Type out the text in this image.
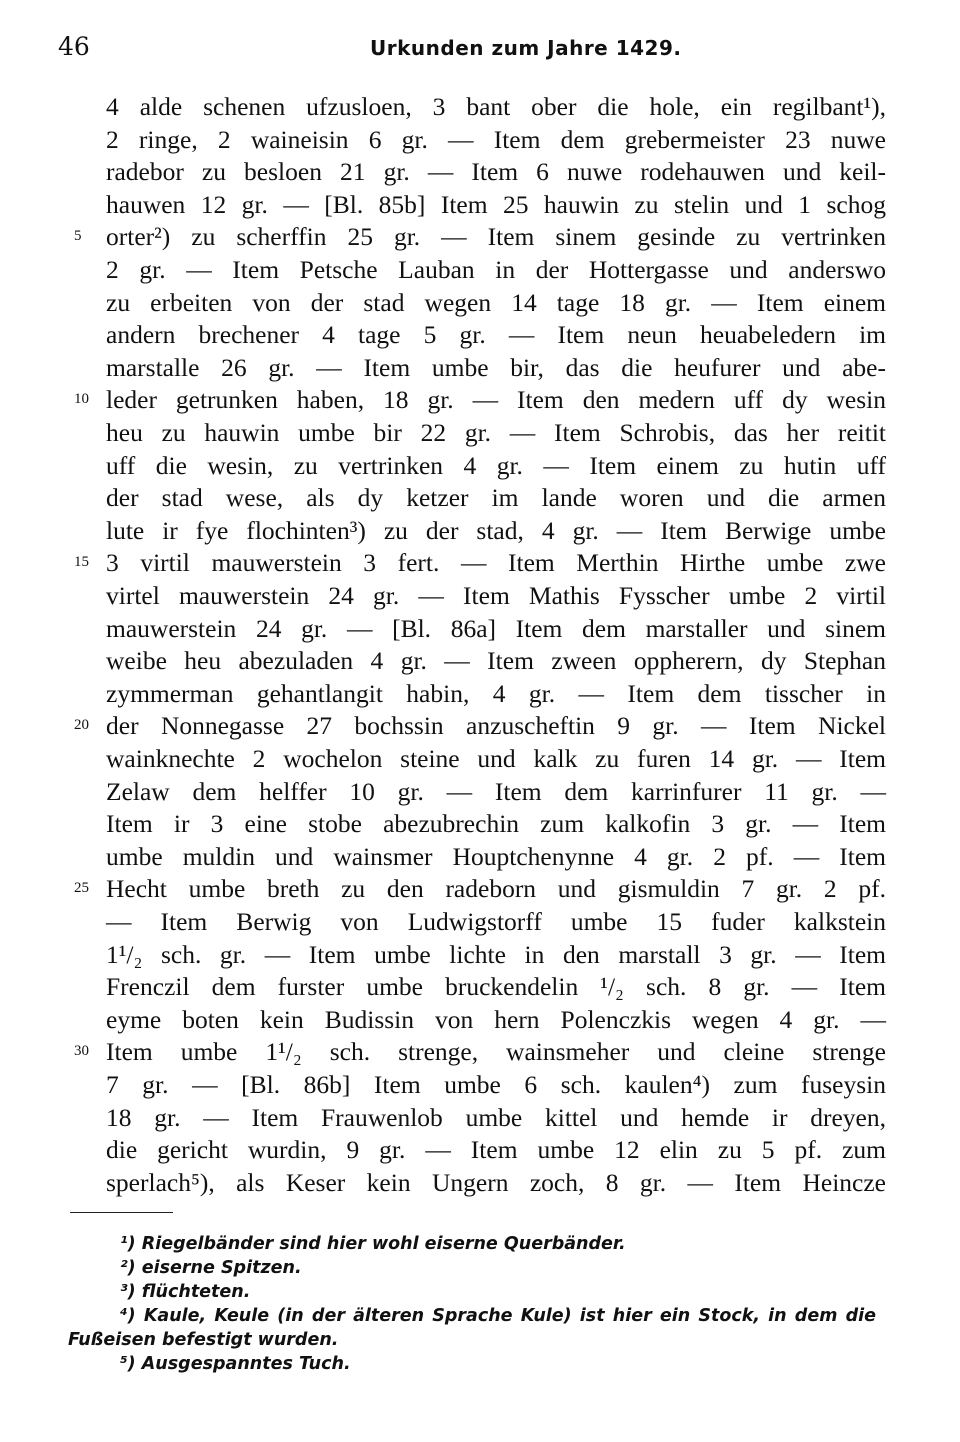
46	Urkunden zum Jahre 1429.
4 alde schenen ufzusloen, 3 bant ober die hole, ein regilbant¹),
2 ringe, 2 waineisin 6 gr. — Item dem grebermeister 23 nuwe
radebor zu besloen 21 gr. — Item 6 nuwe rodehauwen und keil-
hauwen 12 gr. — [Bl. 85b] Item 25 hauwin zu stelin und 1 schog
orter²) zu scherffin 25 gr. — Item sinem gesinde zu vertrinken
5
2 gr. — Item Petsche Lauban in der Hottergasse und anderswo
zu erbeiten von der stad wegen 14 tage 18 gr. — Item einem
andern brechener 4 tage 5 gr. — Item neun heuabeledern im
marstalle 26 gr. — Item umbe bir, das die heufurer und abe-
leder getrunken haben, 18 gr. — Item den medern uff dy wesin
10
heu zu hauwin umbe bir 22 gr. — Item Schrobis, das her reitit
uff die wesin, zu vertrinken 4 gr. — Item einem zu hutin uff
der stad wese, als dy ketzer im lande woren und die armen
lute ir fye flochinten³) zu der stad, 4 gr. — Item Berwige umbe
3 virtil mauwerstein 3 fert. — Item Merthin Hirthe umbe zwe
15
virtel mauwerstein 24 gr. — Item Mathis Fysscher umbe 2 virtil
mauwerstein 24 gr. — [Bl. 86a] Item dem marstaller und sinem
weibe heu abezuladen 4 gr. — Item zween oppherern, dy Stephan
zymmerman gehantlangit habin, 4 gr. — Item dem tisscher in
der Nonnegasse 27 bochssin anzuscheftin 9 gr. — Item Nickel
20
wainknechte 2 wochelon steine und kalk zu furen 14 gr. — Item
Zelaw dem helffer 10 gr. — Item dem karrinfurer 11 gr. —
Item ir 3 eine stobe abezubrechin zum kalkofin 3 gr. — Item
umbe muldin und wainsmer Houptchenynne 4 gr. 2 pf. — Item
Hecht umbe breth zu den radeborn und gismuldin 7 gr. 2 pf.
25
— Item Berwig von Ludwigstorff umbe 15 fuder kalkstein
1¹/₂ sch. gr. — Item umbe lichte in den marstall 3 gr. — Item
Frenczil dem furster umbe bruckendelin ¹/₂ sch. 8 gr. — Item
eyme boten kein Budissin von hern Polenczkis wegen 4 gr. —
Item umbe 1¹/₂ sch. strenge, wainsmeher und cleine strenge
30
7 gr. — [Bl. 86b] Item umbe 6 sch. kaulen⁴) zum fuseysin
18 gr. — Item Frauwenlob umbe kittel und hemde ir dreyen,
die gericht wurdin, 9 gr. — Item umbe 12 elin zu 5 pf. zum
sperlach⁵), als Keser kein Ungern zoch, 8 gr. — Item Heincze
¹) Riegelbänder sind hier wohl eiserne Querbänder.
²) eiserne Spitzen.
³) flüchteten.
⁴) Kaule, Keule (in der älteren Sprache Kule) ist hier ein Stock, in dem die
Fußeisen befestigt wurden.
⁵) Ausgespanntes Tuch.
